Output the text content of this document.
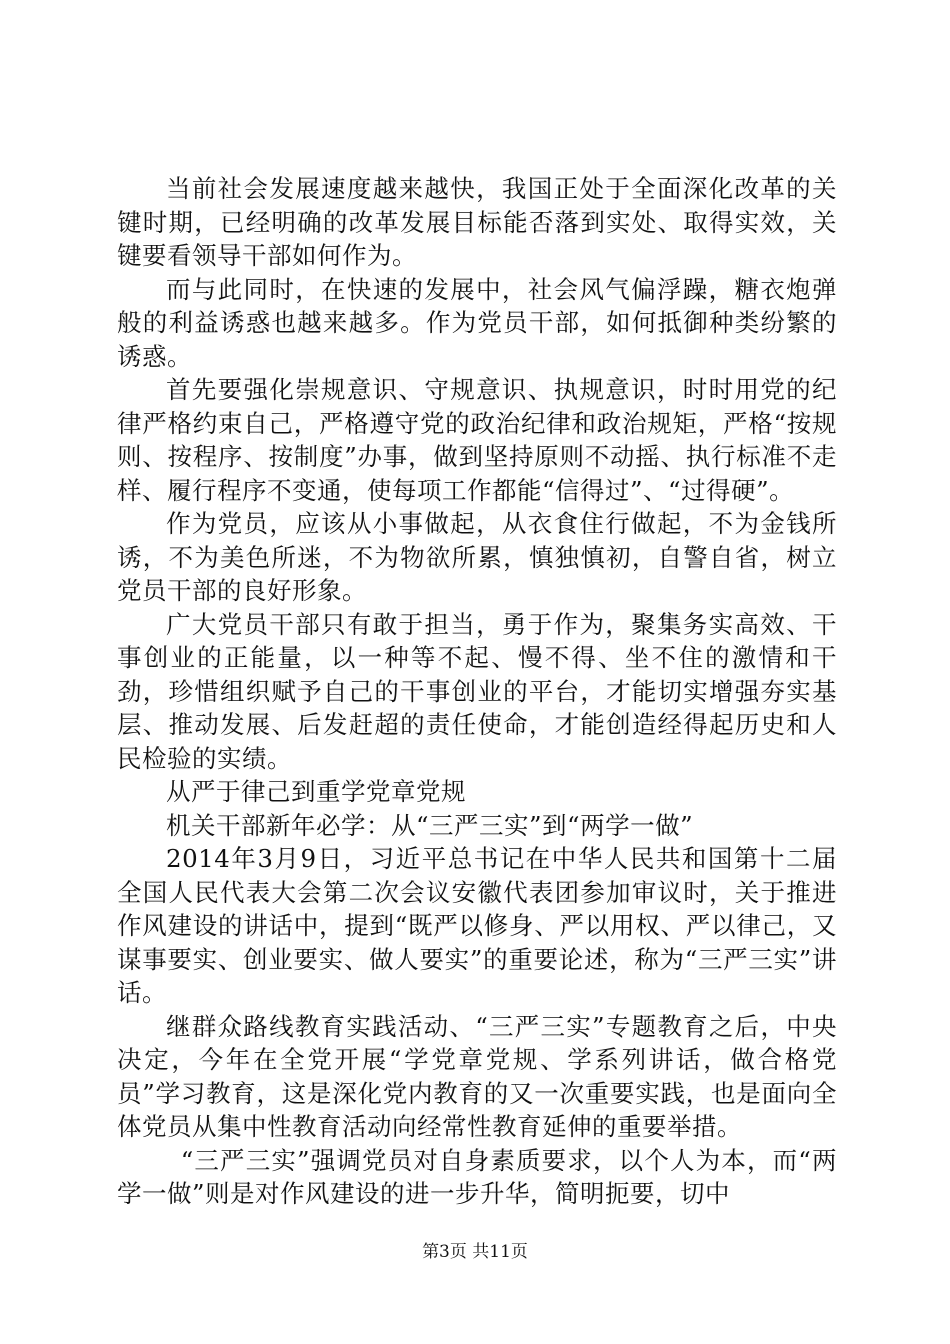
当前社会发展速度越来越快，我国正处于全面深化改革的关键时期，已经明确的改革发展目标能否落到实处、取得实效，关键要看领导干部如何作为。

而与此同时，在快速的发展中，社会风气偏浮躁，糖衣炮弹般的利益诱惑也越来越多。作为党员干部，如何抵御种类纷繁的诱惑。

首先要强化崇规意识、守规意识、执规意识，时时用党的纪律严格约束自己，严格遵守党的政治纪律和政治规矩，严格“按规则、按程序、按制度”办事，做到坚持原则不动摇、执行标准不走样、履行程序不变通，使每项工作都能“信得过”、“过得硬”。

作为党员，应该从小事做起，从衣食住行做起，不为金钱所诱，不为美色所迷，不为物欲所累，慎独慎初，自警自省，树立党员干部的良好形象。

广大党员干部只有敢于担当，勇于作为，聚集务实高效、干事创业的正能量，以一种等不起、慢不得、坐不住的激情和干劲，珍惜组织赋予自己的干事创业的平台，才能切实增强夯实基层、推动发展、后发赶超的责任使命，才能创造经得起历史和人民检验的实绩。

从严于律己到重学党章党规

机关干部新年必学：从“三严三实”到“两学一做”

2014年3月9日，习近平总书记在中华人民共和国第十二届全国人民代表大会第二次会议安徽代表团参加审议时，关于推进作风建设的讲话中，提到“既严以修身、严以用权、严以律己，又谋事要实、创业要实、做人要实”的重要论述，称为“三严三实”讲话。

继群众路线教育实践活动、“三严三实”专题教育之后，中央决定，今年在全党开展“学党章党规、学系列讲话，做合格党员”学习教育，这是深化党内教育的又一次重要实践，也是面向全体党员从集中性教育活动向经常性教育延伸的重要举措。

“三严三实”强调党员对自身素质要求，以个人为本，而“两学一做”则是对作风建设的进一步升华，简明扼要，切中

第3页 共11页
